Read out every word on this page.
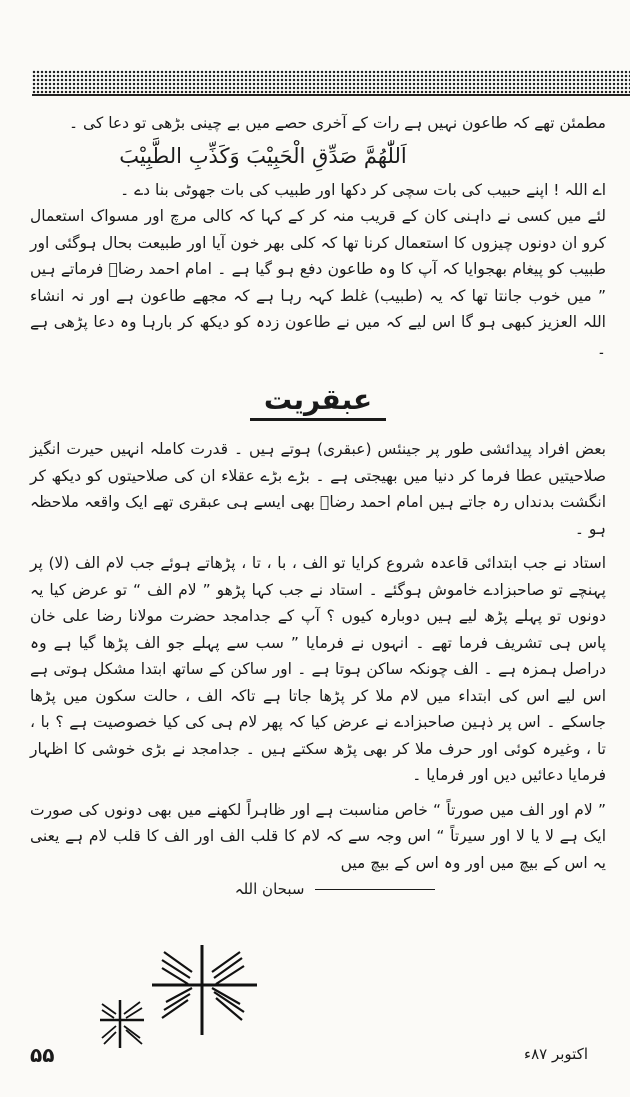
مطمئن تھے کہ طاعون نہیں ہے رات کے آخری حصے میں بے چینی بڑھی تو دعا کی ۔

اَللّٰھُمَّ صَدِّقِ الْحَبِیْبَ وَکَذِّبِ الطَّبِیْبَ

اے اللہ ! اپنے حبیب کی بات سچی کر دکھا اور طبیب کی بات جھوٹی بنا دے ۔

لئے میں کسی نے داہنی کان کے قریب منہ کر کے کہا کہ کالی مرچ اور مسواک استعمال کرو ان دونوں چیزوں کا استعمال کرنا تھا کہ کلی بھر خون آیا اور طبیعت بحال ہوگئی اور طبیب کو پیغام بھجوایا کہ آپ کا وہ طاعون دفع ہو گیا ہے ۔ امام احمد رضاؒ فرماتے ہیں ” میں خوب جانتا تھا کہ یہ (طبیب) غلط کہہ رہا ہے کہ مجھے طاعون ہے اور نہ انشاء اللہ العزیز کبھی ہو گا اس لیے کہ میں نے طاعون زدہ کو دیکھ کر بارہا وہ دعا پڑھی ہے ۔

عبقریت

بعض افراد پیدائشی طور پر جینئس (عبقری) ہوتے ہیں ۔ قدرت کاملہ انہیں حیرت انگیز صلاحیتیں عطا فرما کر دنیا میں بھیجتی ہے ۔ بڑے بڑے عقلاء ان کی صلاحیتوں کو دیکھ کر انگشت بدنداں رہ جاتے ہیں امام احمد رضاؒ بھی ایسے ہی عبقری تھے ایک واقعہ ملاحظہ ہو ۔

استاد نے جب ابتدائی قاعدہ شروع کرایا تو الف ، با ، تا ، پڑھاتے ہوئے جب لام الف (لا) پر پہنچے تو صاحبزادے خاموش ہوگئے ۔ استاد نے جب کہا پڑھو ” لام الف “ تو عرض کیا یہ دونوں تو پہلے پڑھ لیے ہیں دوبارہ کیوں ؟ آپ کے جدامجد حضرت مولانا رضا علی خان پاس ہی تشریف فرما تھے ۔ انہوں نے فرمایا ” سب سے پہلے جو الف پڑھا گیا ہے وہ دراصل ہمزہ ہے ۔ الف چونکہ ساکن ہوتا ہے ۔ اور ساکن کے ساتھ ابتدا مشکل ہوتی ہے اس لیے اس کی ابتداء میں لام ملا کر پڑھا جاتا ہے تاکہ الف ، حالت سکون میں پڑھا جاسکے ۔ اس پر ذہین صاحبزادے نے عرض کیا کہ پھر لام ہی کی کیا خصوصیت ہے ؟ با ، تا ، وغیرہ کوئی اور حرف ملا کر بھی پڑھ سکتے ہیں ۔ جدامجد نے بڑی خوشی کا اظہار فرمایا دعائیں دیں اور فرمایا ۔

” لام اور الف میں صورتاً “ خاص مناسبت ہے اور ظاہراً لکھنے میں بھی دونوں کی صورت ایک ہے لا یا لا اور سیرتاً “ اس وجہ سے کہ لام کا قلب الف اور الف کا قلب لام ہے یعنی یہ اس کے بیچ میں اور وہ اس کے بیچ میں

سبحان اللہ
۵۵	اکتوبر ۸۷ء
